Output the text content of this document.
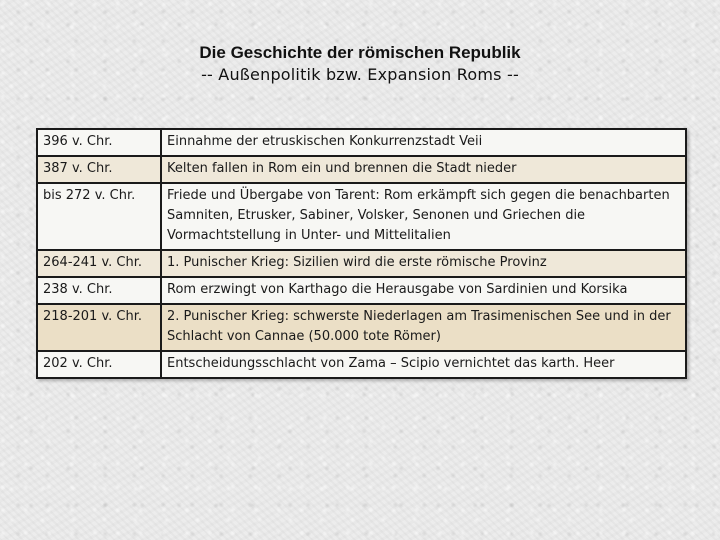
Die Geschichte der römischen Republik
-- Außenpolitik bzw. Expansion Roms --
396 v. Chr.	Einnahme der etruskischen Konkurrenzstadt Veii
387 v. Chr.	Kelten fallen in Rom ein und brennen die Stadt nieder
bis 272 v. Chr.	Friede und Übergabe von Tarent: Rom erkämpft sich gegen die benachbarten Samniten, Etrusker, Sabiner, Volsker, Senonen und Griechen die Vormachtstellung in Unter- und Mittelitalien
264-241 v. Chr.	1. Punischer Krieg: Sizilien wird die erste römische Provinz
238 v. Chr.	Rom erzwingt von Karthago die Herausgabe von Sardinien und Korsika
218-201 v. Chr.	2. Punischer Krieg: schwerste Niederlagen am Trasimenischen See und in der Schlacht von Cannae (50.000 tote Römer)
202 v. Chr.	Entscheidungsschlacht von Zama – Scipio vernichtet das karth. Heer
